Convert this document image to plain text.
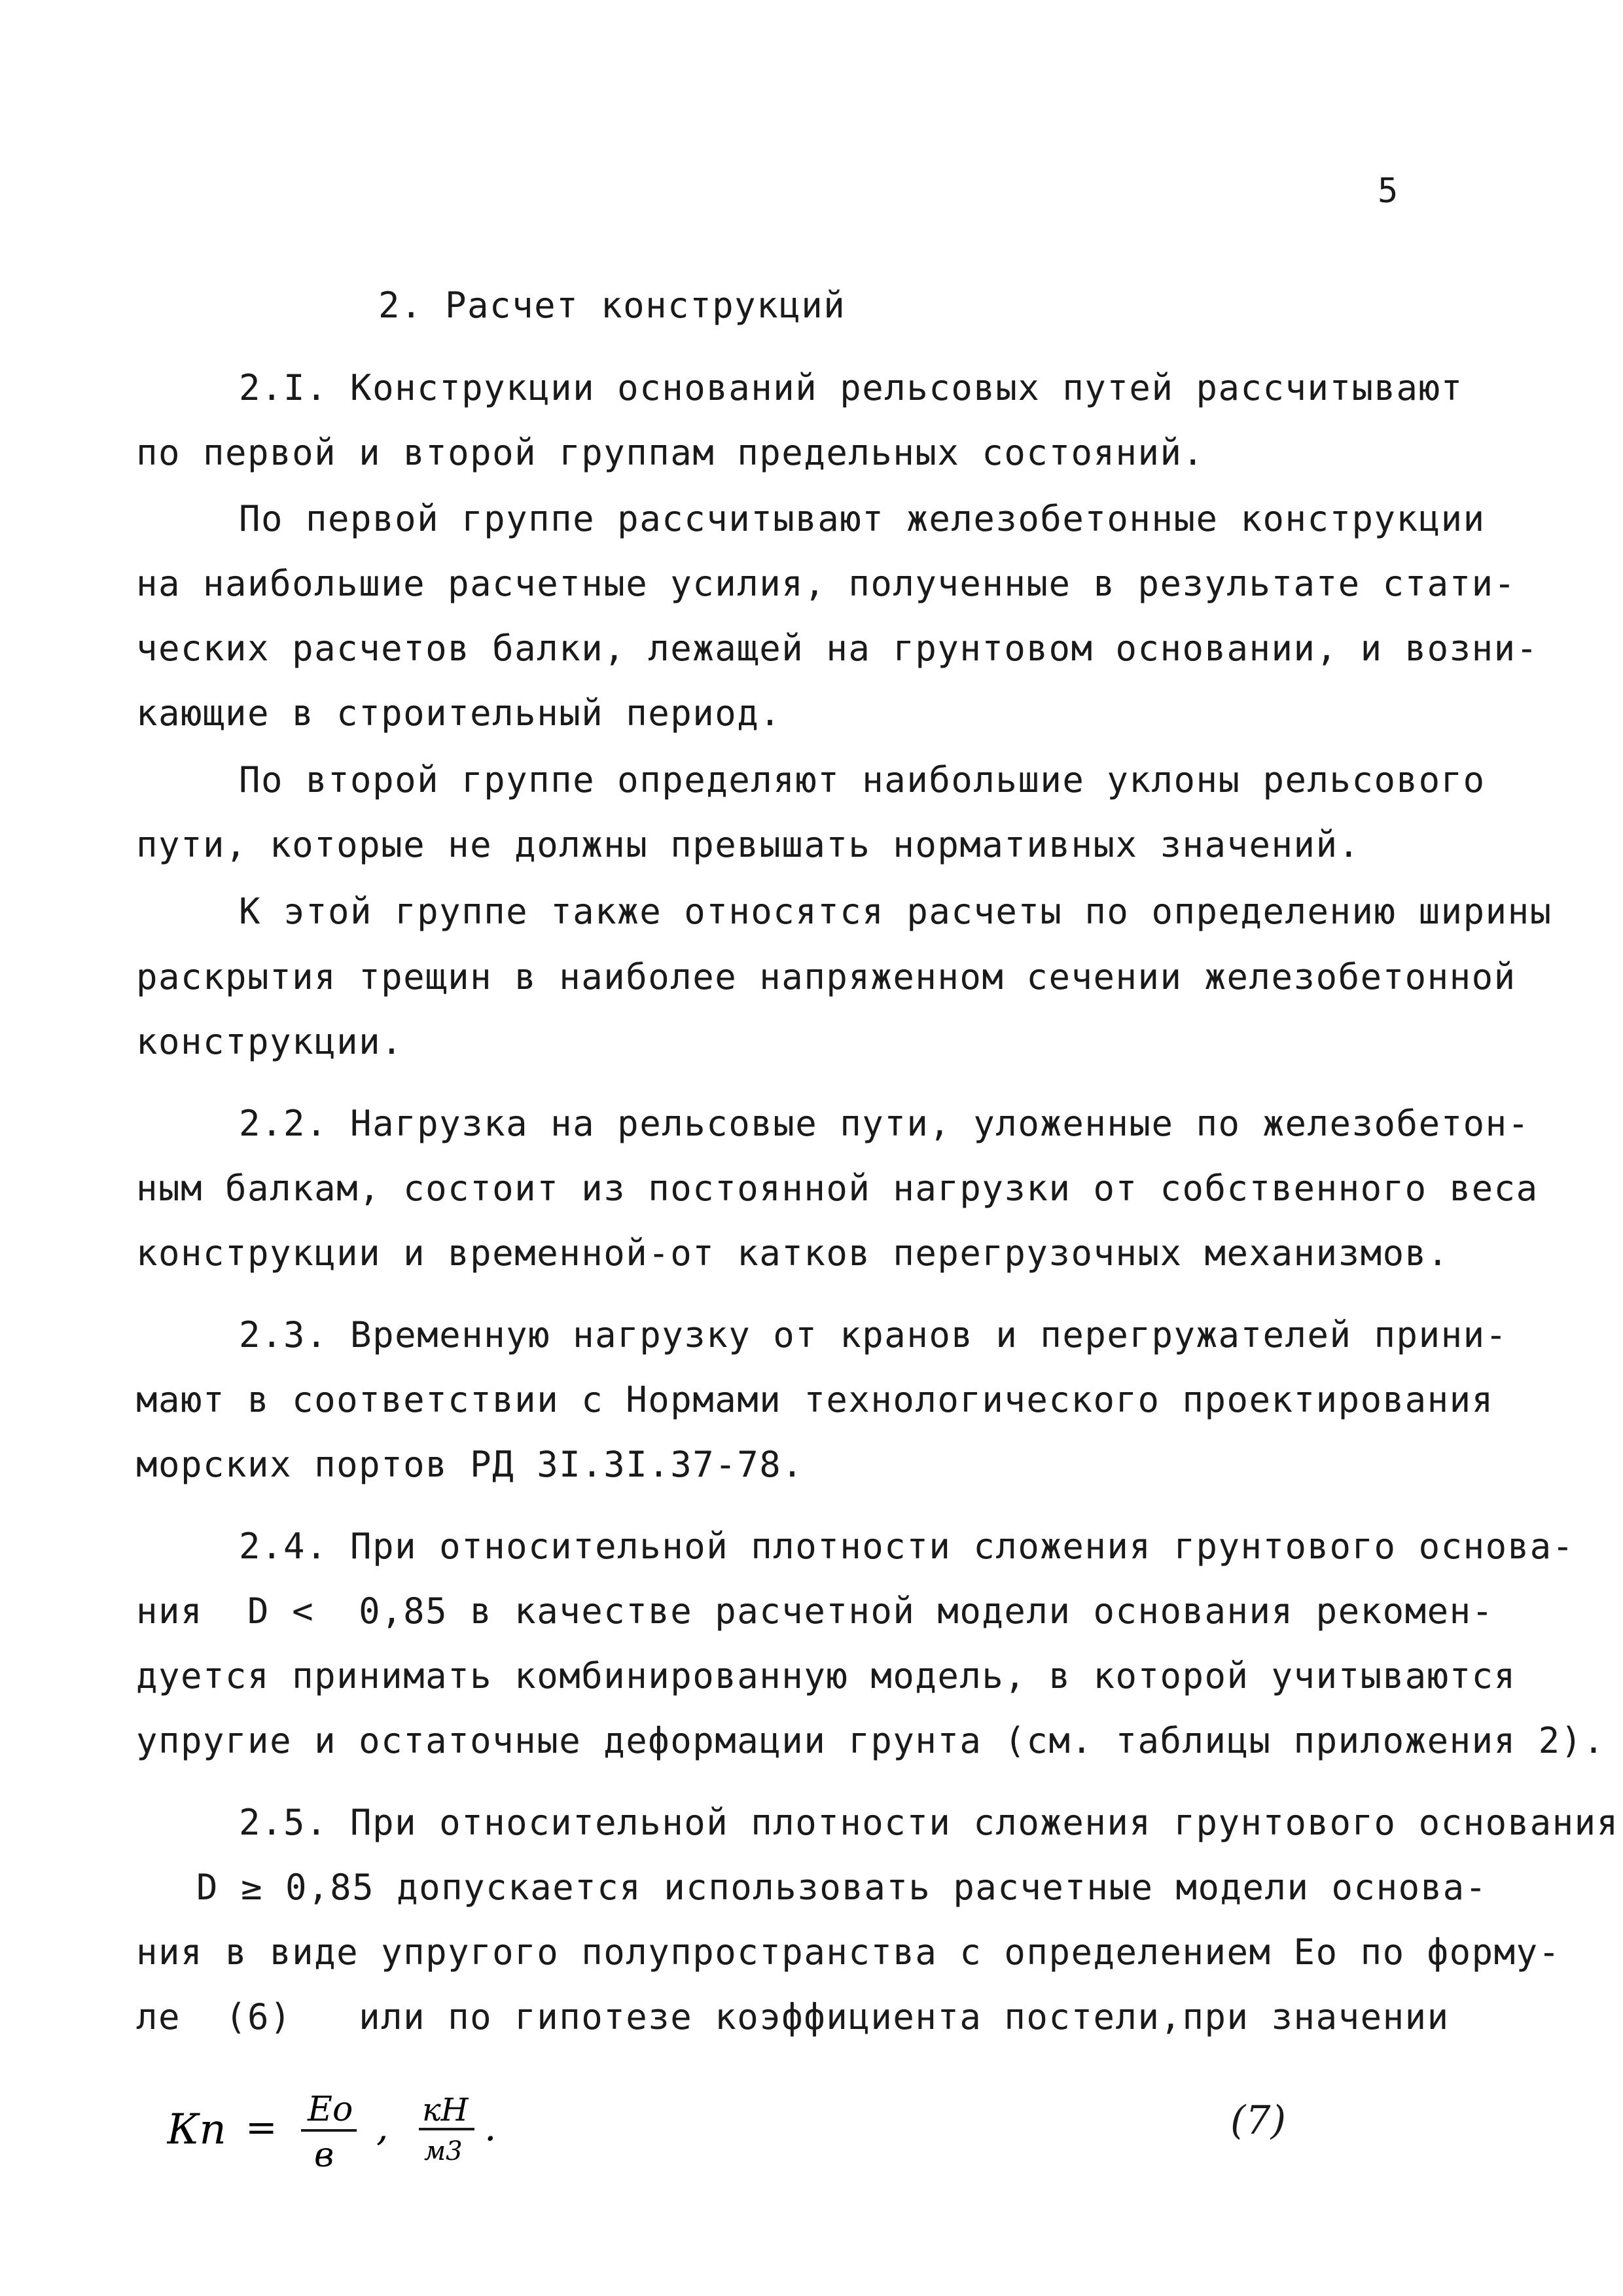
5
2. Расчет конструкций
2.I. Конструкции оснований рельсовых путей рассчитывают
по первой и второй группам предельных состояний.
По первой группе рассчитывают железобетонные конструкции
на наибольшие расчетные усилия, полученные в результате стати-
ческих расчетов балки, лежащей на грунтовом основании, и возни-
кающие в строительный период.
По второй группе определяют наибольшие уклоны рельсового
пути, которые не должны превышать нормативных значений.
К этой группе также относятся расчеты по определению ширины
раскрытия трещин в наиболее напряженном сечении железобетонной
конструкции.
2.2. Нагрузка на рельсовые пути, уложенные по железобетон-
ным балкам, состоит из постоянной нагрузки от собственного веса
конструкции и временной-от катков перегрузочных механизмов.
2.3. Временную нагрузку от кранов и перегружателей прини-
мают в соответствии с Нормами технологического проектирования
морских портов РД 3I.3I.37-78.
2.4. При относительной плотности сложения грунтового основа-
ния  D <  0,85 в качестве расчетной модели основания рекомен-
дуется принимать комбинированную модель, в которой учитываются
упругие и остаточные деформации грунта (см. таблицы приложения 2).
2.5. При относительной плотности сложения грунтового основания
D ≥ 0,85 допускается использовать расчетные модели основа-
ния в виде упругого полупространства с определением Ео по форму-
ле  (6)   или по гипотезе коэффициента постели,при значении
Кп = Eo
в
, кН
м3
.	(7)
